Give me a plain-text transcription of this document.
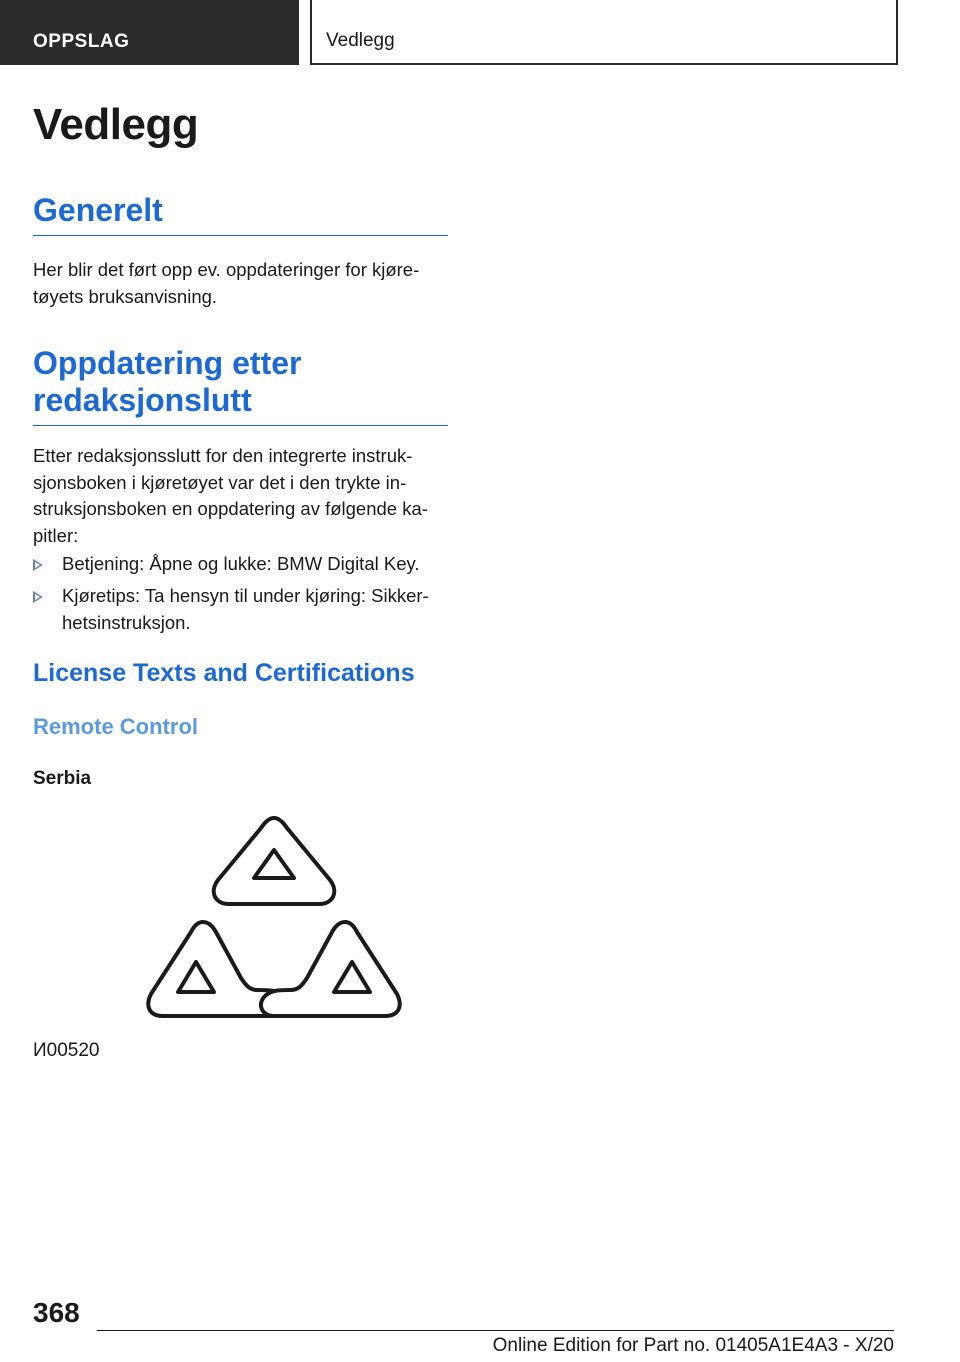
OPPSLAG	Vedlegg
Vedlegg
Generelt

Her blir det ført opp ev. oppdateringer for kjøre-
tøyets bruksanvisning.

Oppdatering etter
redaksjonslutt

Etter redaksjonsslutt for den integrerte instruk-
sjonsboken i kjøretøyet var det i den trykte in-
struksjonsboken en oppdatering av følgende ka-
pitler:

Betjening: Åpne og lukke: BMW Digital Key.
Kjøretips: Ta hensyn til under kjøring: Sikker-
hetsinstruksjon.
License Texts and Certifications
Remote Control
Serbia
И00520
368
Online Edition for Part no. 01405A1E4A3 - X/20
